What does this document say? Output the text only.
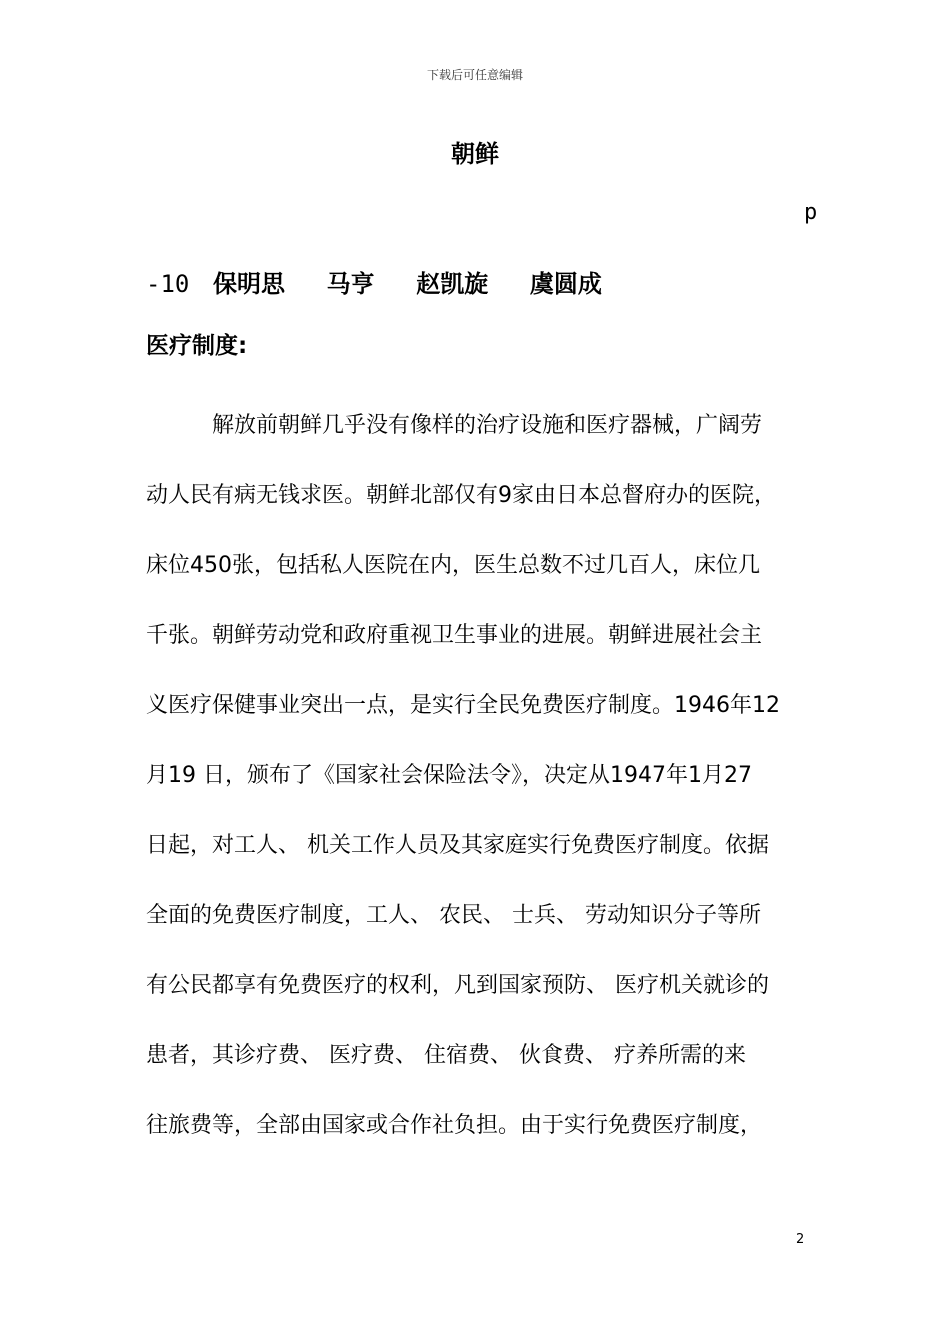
下载后可任意编辑
朝鲜
p
-10 保明思 马亨 赵凯旋 虞圆成
医疗制度:
解放前朝鲜几乎没有像样的治疗设施和医疗器械，广阔劳
动人民有病无钱求医。朝鲜北部仅有9家由日本总督府办的医院，
床位450张，包括私人医院在内，医生总数不过几百人，床位几
千张。朝鲜劳动党和政府重视卫生事业的进展。朝鲜进展社会主
义医疗保健事业突出一点，是实行全民免费医疗制度。1946年12
月19 日，颁布了《国家社会保险法令》，决定从1947年1月27
日起，对工人、 机关工作人员及其家庭实行免费医疗制度。依据
全面的免费医疗制度，工人、 农民、 士兵、 劳动知识分子等所
有公民都享有免费医疗的权利，凡到国家预防、 医疗机关就诊的
患者，其诊疗费、 医疗费、 住宿费、 伙食费、 疗养所需的来
往旅费等，全部由国家或合作社负担。由于实行免费医疗制度，
2
